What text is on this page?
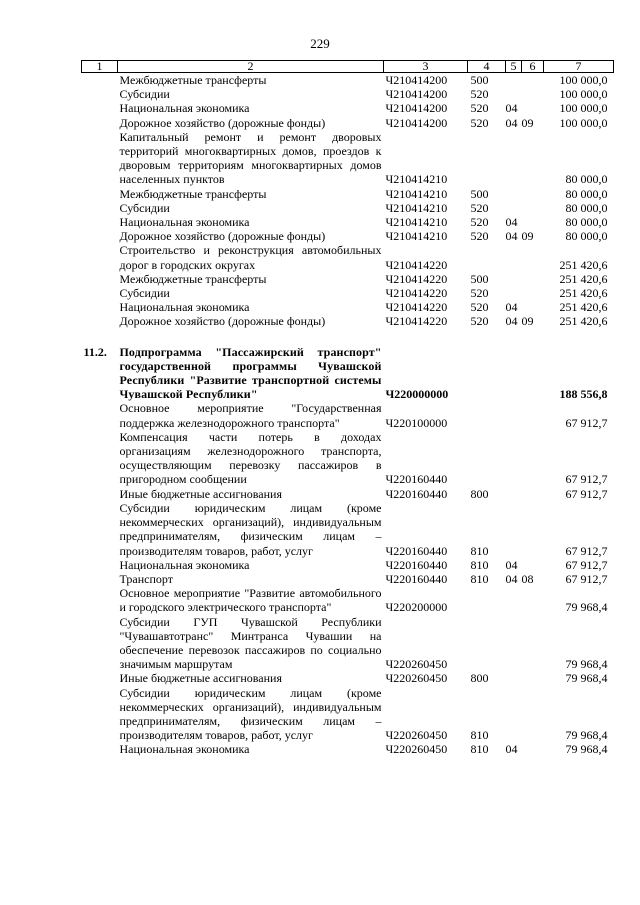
229
1	2	3	4	5	6	7
	Межбюджетные трансферты	Ч210414200	500			100 000,0
	Субсидии	Ч210414200	520			100 000,0
	Национальная экономика	Ч210414200	520	04		100 000,0
	Дорожное хозяйство (дорожные фонды)	Ч210414200	520	04	09	100 000,0
	Капитальный ремонт и ремонт дворовых территорий многоквартирных домов, проездов к дворовым территориям многоквартирных домов населенных пунктов	Ч210414210				80 000,0
	Межбюджетные трансферты	Ч210414210	500			80 000,0
	Субсидии	Ч210414210	520			80 000,0
	Национальная экономика	Ч210414210	520	04		80 000,0
	Дорожное хозяйство (дорожные фонды)	Ч210414210	520	04	09	80 000,0
	Строительство и реконструкция автомобильных дорог в городских округах	Ч210414220				251 420,6
	Межбюджетные трансферты	Ч210414220	500			251 420,6
	Субсидии	Ч210414220	520			251 420,6
	Национальная экономика	Ч210414220	520	04		251 420,6
	Дорожное хозяйство (дорожные фонды)	Ч210414220	520	04	09	251 420,6

11.2.	Подпрограмма "Пассажирский транспорт" государственной программы Чувашской Республики "Развитие транспортной системы Чувашской Республики"	Ч220000000				188 556,8
	Основное мероприятие "Государственная поддержка железнодорожного транспорта"	Ч220100000				67 912,7
	Компенсация части потерь в доходах организациям железнодорожного транспорта, осуществляющим перевозку пассажиров в пригородном сообщении	Ч220160440				67 912,7
	Иные бюджетные ассигнования	Ч220160440	800			67 912,7
	Субсидии юридическим лицам (кроме некоммерческих организаций), индивидуальным предпринимателям, физическим лицам – производителям товаров, работ, услуг	Ч220160440	810			67 912,7
	Национальная экономика	Ч220160440	810	04		67 912,7
	Транспорт	Ч220160440	810	04	08	67 912,7
	Основное мероприятие "Развитие автомобильного и городского электрического транспорта"	Ч220200000				79 968,4
	Субсидии ГУП Чувашской Республики "Чувашавтотранс" Минтранса Чувашии на обеспечение перевозок пассажиров по социально значимым маршрутам	Ч220260450				79 968,4
	Иные бюджетные ассигнования	Ч220260450	800			79 968,4
	Субсидии юридическим лицам (кроме некоммерческих организаций), индивидуальным предпринимателям, физическим лицам – производителям товаров, работ, услуг	Ч220260450	810			79 968,4
	Национальная экономика	Ч220260450	810	04		79 968,4
